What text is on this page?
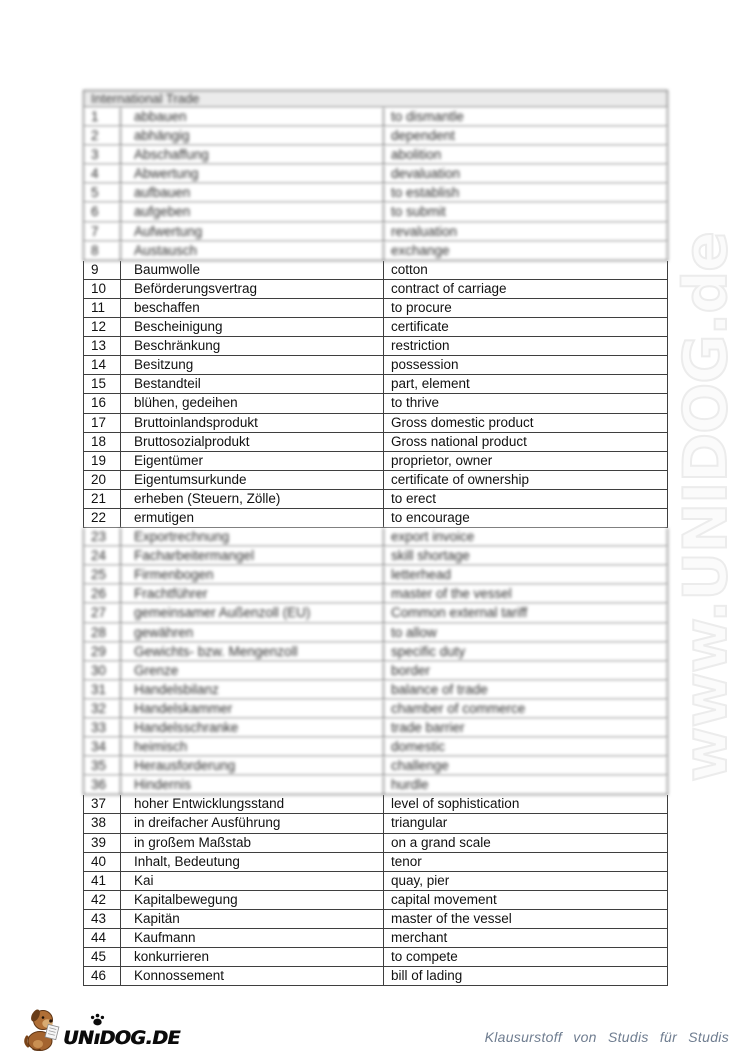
www.UNIDOG.de
International Trade
1	abbauen	to dismantle
2	abhängig	dependent
3	Abschaffung	abolition
4	Abwertung	devaluation
5	aufbauen	to establish
6	aufgeben	to submit
7	Aufwertung	revaluation
8	Austausch	exchange
9	Baumwolle	cotton
10	Beförderungsvertrag	contract of carriage
11	beschaffen	to procure
12	Bescheinigung	certificate
13	Beschränkung	restriction
14	Besitzung	possession
15	Bestandteil	part, element
16	blühen, gedeihen	to thrive
17	Bruttoinlandsprodukt	Gross domestic product
18	Bruttosozialprodukt	Gross national product
19	Eigentümer	proprietor, owner
20	Eigentumsurkunde	certificate of ownership
21	erheben (Steuern, Zölle)	to erect
22	ermutigen	to encourage
23	Exportrechnung	export invoice
24	Facharbeitermangel	skill shortage
25	Firmenbogen	letterhead
26	Frachtführer	master of the vessel
27	gemeinsamer Außenzoll (EU)	Common external tariff
28	gewähren	to allow
29	Gewichts- bzw. Mengenzoll	specific duty
30	Grenze	border
31	Handelsbilanz	balance of trade
32	Handelskammer	chamber of commerce
33	Handelsschranke	trade barrier
34	heimisch	domestic
35	Herausforderung	challenge
36	Hindernis	hurdle
37	hoher Entwicklungsstand	level of sophistication
38	in dreifacher Ausführung	triangular
39	in großem Maßstab	on a grand scale
40	Inhalt, Bedeutung	tenor
41	Kai	quay, pier
42	Kapitalbewegung	capital movement
43	Kapitän	master of the vessel
44	Kaufmann	merchant
45	konkurrieren	to compete
46	Konnossement	bill of lading
UNı
DOG.DE	Klausurstoff von Studis für Studis
